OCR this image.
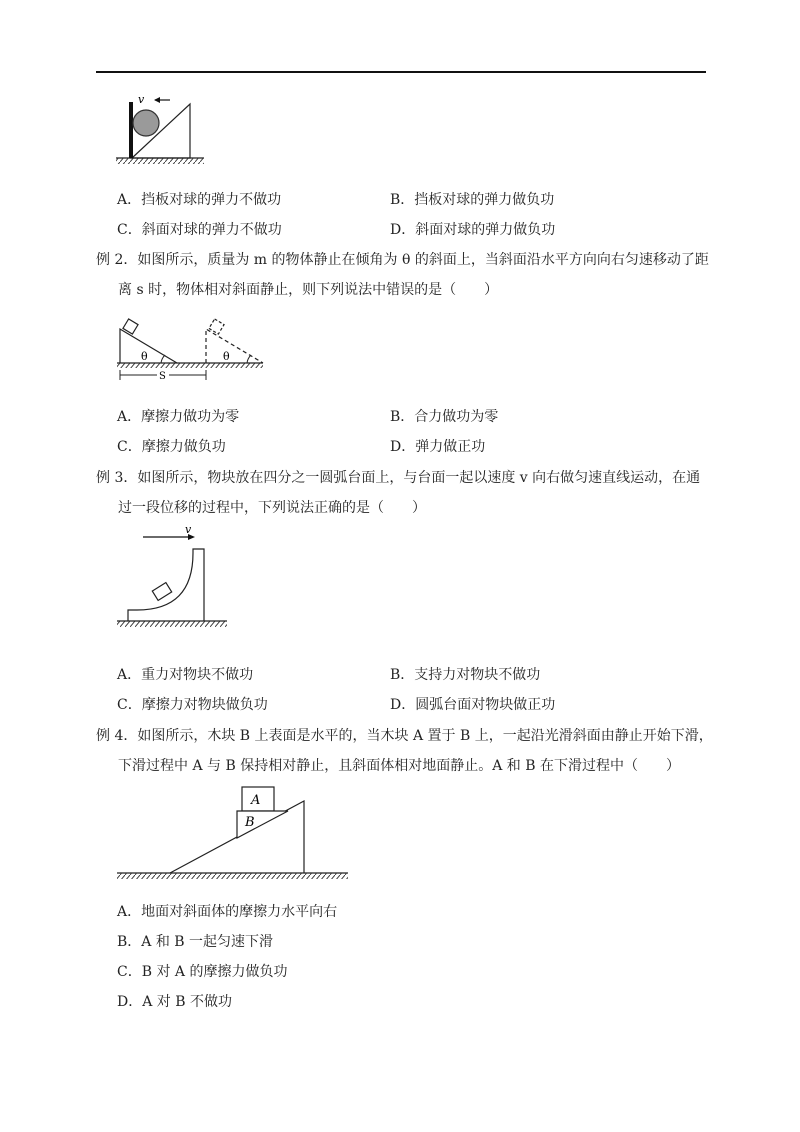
v
A．挡板对球的弹力不做功	B．挡板对球的弹力做负功
C．斜面对球的弹力不做功	D．斜面对球的弹力做负功
例 2．如图所示，质量为 m 的物体静止在倾角为 θ 的斜面上，当斜面沿水平方向向右匀速移动了距
离 s 时，物体相对斜面静止，则下列说法中错误的是（　　）
θ	θ
S
A．摩擦力做功为零	B．合力做功为零
C．摩擦力做负功	D．弹力做正功
例 3．如图所示，物块放在四分之一圆弧台面上，与台面一起以速度 v 向右做匀速直线运动，在通
过一段位移的过程中，下列说法正确的是（　　）
v
A．重力对物块不做功	B．支持力对物块不做功
C．摩擦力对物块做负功	D．圆弧台面对物块做正功
例 4．如图所示，木块 B 上表面是水平的，当木块 A 置于 B 上，一起沿光滑斜面由静止开始下滑，
下滑过程中 A 与 B 保持相对静止，且斜面体相对地面静止。A 和 B 在下滑过程中（　　）
A
B
A．地面对斜面体的摩擦力水平向右
B．A 和 B 一起匀速下滑
C．B 对 A 的摩擦力做负功
D．A 对 B 不做功
